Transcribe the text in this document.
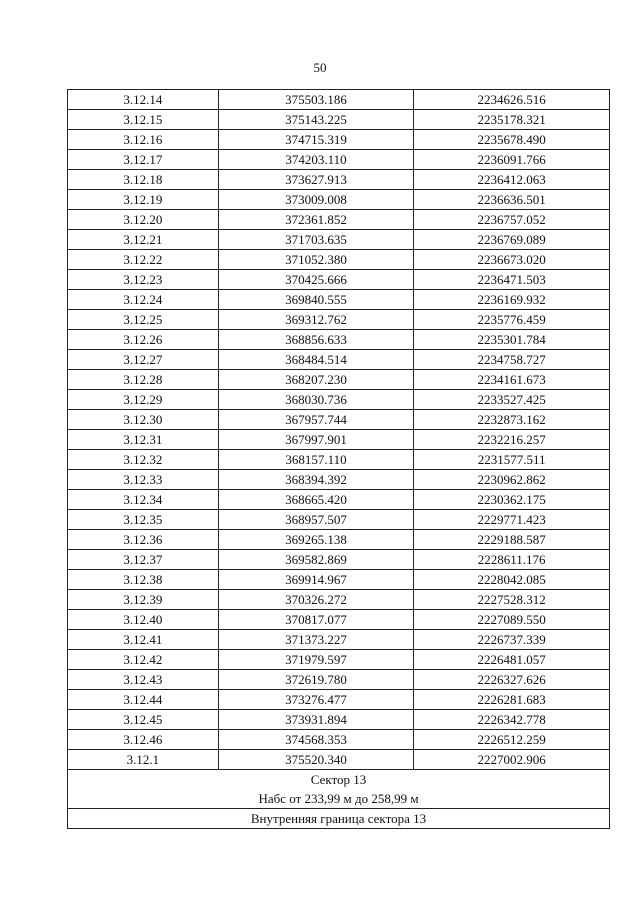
50
3.12.14	375503.186	2234626.516
3.12.15	375143.225	2235178.321
3.12.16	374715.319	2235678.490
3.12.17	374203.110	2236091.766
3.12.18	373627.913	2236412.063
3.12.19	373009.008	2236636.501
3.12.20	372361.852	2236757.052
3.12.21	371703.635	2236769.089
3.12.22	371052.380	2236673.020
3.12.23	370425.666	2236471.503
3.12.24	369840.555	2236169.932
3.12.25	369312.762	2235776.459
3.12.26	368856.633	2235301.784
3.12.27	368484.514	2234758.727
3.12.28	368207.230	2234161.673
3.12.29	368030.736	2233527.425
3.12.30	367957.744	2232873.162
3.12.31	367997.901	2232216.257
3.12.32	368157.110	2231577.511
3.12.33	368394.392	2230962.862
3.12.34	368665.420	2230362.175
3.12.35	368957.507	2229771.423
3.12.36	369265.138	2229188.587
3.12.37	369582.869	2228611.176
3.12.38	369914.967	2228042.085
3.12.39	370326.272	2227528.312
3.12.40	370817.077	2227089.550
3.12.41	371373.227	2226737.339
3.12.42	371979.597	2226481.057
3.12.43	372619.780	2226327.626
3.12.44	373276.477	2226281.683
3.12.45	373931.894	2226342.778
3.12.46	374568.353	2226512.259
3.12.1	375520.340	2227002.906

Сектор 13
Набс от 233,99 м до 258,99 м		

Внутренняя граница сектора 13		
